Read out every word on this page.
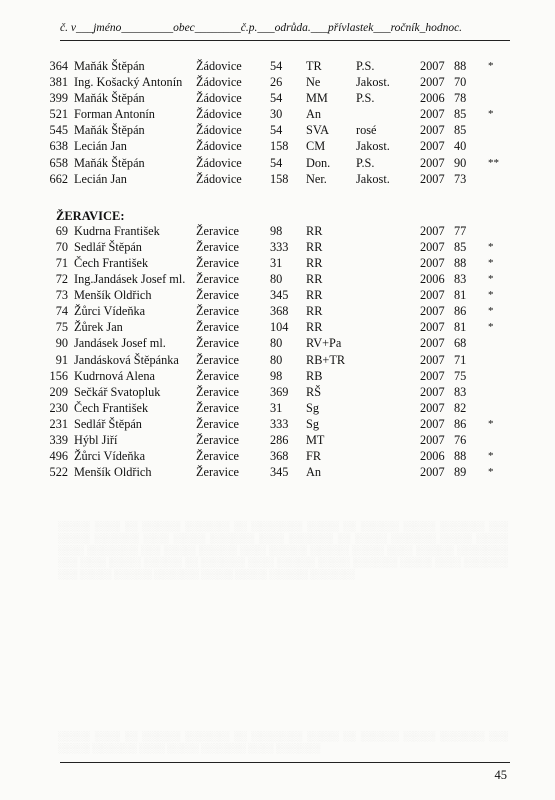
č. v___jméno_________obec________č.p.___odrůda.___přívlastek___ročník_hodnoc.
░░░░░ ░░░░ ░░ ░░░░░░ ░░░░░░░ ░░ ░░░░░░░░ ░░░░░ ░░ ░░░░░░ ░░░░░ ░░░░░░░ ░░░ ░░░░░ ░░░░░░░ ░░░░ ░░░░░ ░░░░░░░ ░░░░ ░░░░░░░ ░░ ░░░░░ ░░░░░░░ ░░░░░ ░░░░░ ░░░░ ░░░░░░░░ ░░░ ░░░░░ ░░░░░░ ░░░░ ░░░░░░ ░░░░░░ ░░░░░ ░░░░ ░░░░░░ ░░░░░░░░ ░░░ ░░░░ ░░░░░ ░░░░░░ ░░ ░░░░░░░ ░░░░ ░░░░░░ ░░░░░ ░░░░░░░ ░░░░░ ░░░░ ░░░░░░░ ░░░ ░░░░░ ░░░░░░ ░░░░░░░ ░░░░░ ░░░░░ ░░░░░░ ░░░░░░░
░░░░░ ░░░░ ░░ ░░░░░░ ░░░░░░░ ░░ ░░░░░░░░ ░░░░░ ░░ ░░░░░░ ░░░░░ ░░░░░░░ ░░░ ░░░░░ ░░░░░░░ ░░░░ ░░░░░ ░░░░░░░ ░░░░ ░░░░░░░
364 Maňák Štěpán	Žádovice 54 TR	P.S.	2007 88 *
381 Ing. Košacký Antonín Žádovice 26 Ne	Jakost. 2007 70
399 Maňák Štěpán	Žádovice 54 MM P.S.	2006 78
521 Forman Antonín	Žádovice 30 An	2007 85 *
545 Maňák Štěpán	Žádovice 54 SVA rosé	2007 85
638 Lecián Jan	Žádovice 158 CM	Jakost. 2007 40
658 Maňák Štěpán	Žádovice 54 Don. P.S.	2007 90 **
662 Lecián Jan	Žádovice 158 Ner. Jakost. 2007 73
ŽERAVICE:
69 Kudrna František	Žeravice	98 RR	2007 77
70 Sedlář Štěpán	Žeravice	333 RR	2007 85 *
71 Čech František	Žeravice	31 RR	2007 88 *
72 Ing.Jandásek Josef ml. Žeravice	80 RR	2006 83 *
73 Menšík Oldřich	Žeravice	345 RR	2007 81 *
74 Žůrci Vídeňka	Žeravice	368 RR	2007 86 *
75 Žůrek Jan	Žeravice	104 RR	2007 81 *
90 Jandásek Josef ml. Žeravice	80 RV+Pa	2007 68
91 Jandásková Štěpánka Žeravice	80 RB+TR	2007 71
156 Kudrnová Alena	Žeravice	98 RB	2007 75
209 Sečkář Svatopluk	Žeravice	369 RŠ	2007 83
230 Čech František	Žeravice	31 Sg	2007 82
231 Sedlář Štěpán	Žeravice	333 Sg	2007 86 *
339 Hýbl Jiří	Žeravice	286 MT	2007 76
496 Žůrci Vídeňka	Žeravice	368 FR	2006 88 *
522 Menšík Oldřich	Žeravice	345 An	2007 89 *
45
